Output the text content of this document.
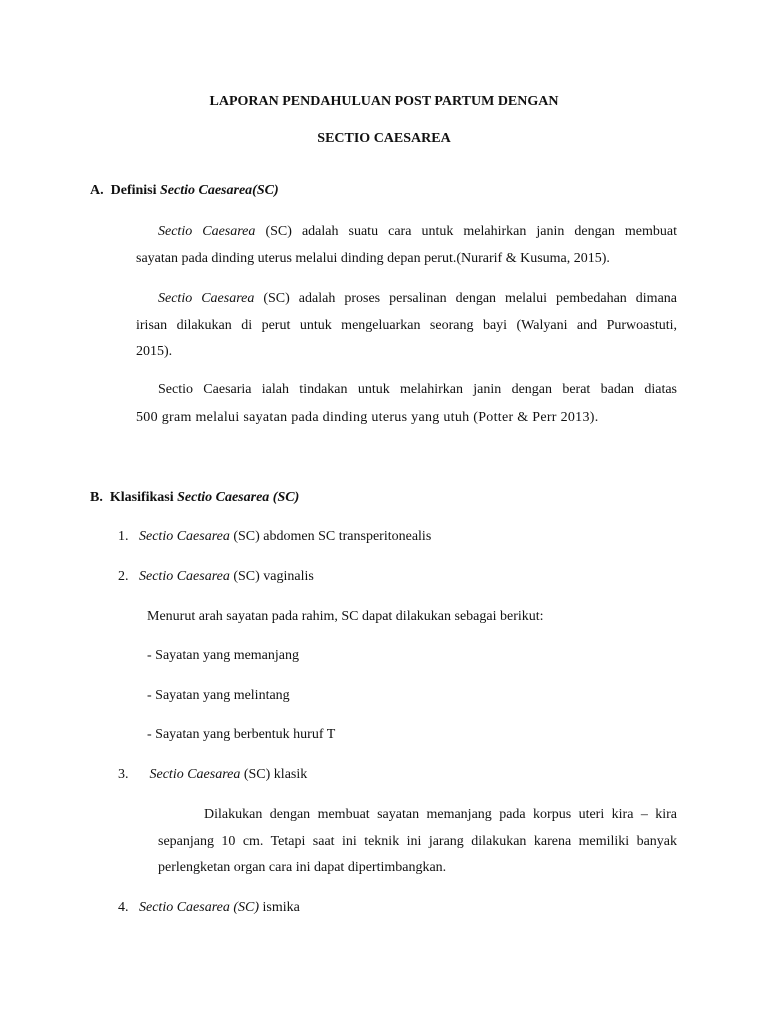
LAPORAN PENDAHULUAN POST PARTUM DENGAN
SECTIO CAESAREA
A. Definisi Sectio Caesarea(SC)
Sectio Caesarea (SC) adalah suatu cara untuk melahirkan janin dengan membuat
sayatan pada dinding uterus melalui dinding depan perut.(Nurarif & Kusuma, 2015).
Sectio Caesarea (SC) adalah proses persalinan dengan melalui pembedahan dimana
irisan dilakukan di perut untuk mengeluarkan seorang bayi (Walyani and Purwoastuti,
2015).
Sectio Caesaria ialah tindakan untuk melahirkan janin dengan berat badan diatas
500 gram melalui sayatan pada dinding uterus yang utuh (Potter & Perr 2013).
B. Klasifikasi Sectio Caesarea (SC)
1. Sectio Caesarea (SC) abdomen SC transperitonealis
2. Sectio Caesarea (SC) vaginalis
Menurut arah sayatan pada rahim, SC dapat dilakukan sebagai berikut:
- Sayatan yang memanjang
- Sayatan yang melintang
- Sayatan yang berbentuk huruf T
3. Sectio Caesarea (SC) klasik
Dilakukan dengan membuat sayatan memanjang pada korpus uteri kira – kira
sepanjang 10 cm. Tetapi saat ini teknik ini jarang dilakukan karena memiliki banyak
perlengketan organ cara ini dapat dipertimbangkan.
4. Sectio Caesarea (SC) ismika
